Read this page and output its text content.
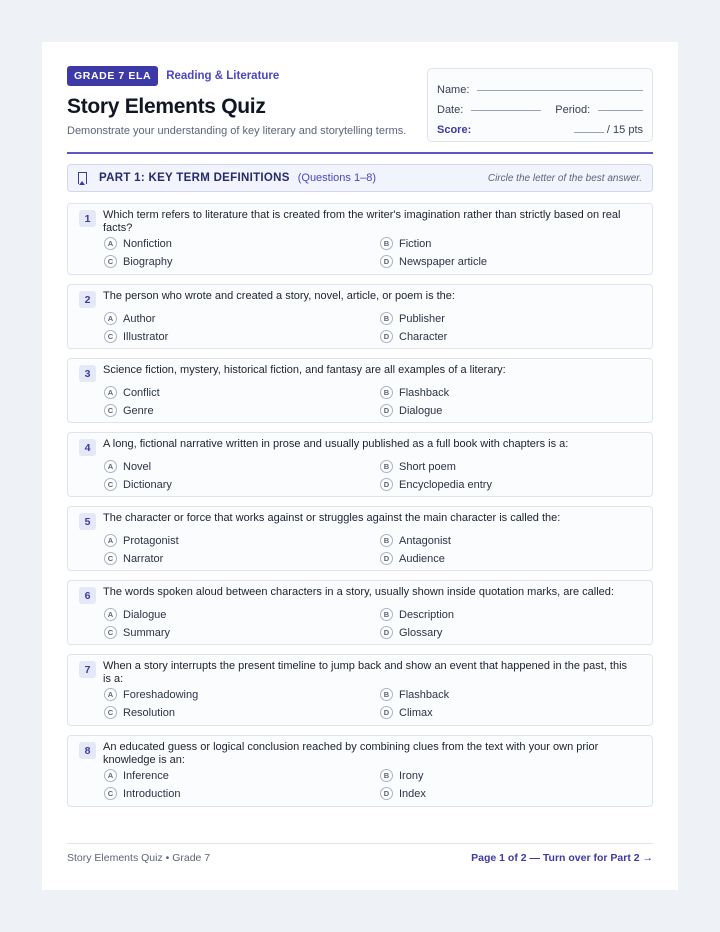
GRADE 7 ELA	Reading & Literature
Story Elements Quiz
Demonstrate your understanding of key literary and storytelling terms.
Name:
Date:	Period:
Score:	/ 15 pts
PART 1: KEY TERM DEFINITIONS (Questions 1–8)	Circle the letter of the best answer.
1	Which term refers to literature that is created from the writer's imagination rather than strictly based on real facts?
A Nonfiction	B Fiction
C Biography	D Newspaper article
2	The person who wrote and created a story, novel, article, or poem is the:
A Author	B Publisher
C Illustrator	D Character
3	Science fiction, mystery, historical fiction, and fantasy are all examples of a literary:
A Conflict	B Flashback
C Genre	D Dialogue
4	A long, fictional narrative written in prose and usually published as a full book with chapters is a:
A Novel	B Short poem
C Dictionary	D Encyclopedia entry
5	The character or force that works against or struggles against the main character is called the:
A Protagonist	B Antagonist
C Narrator	D Audience
6	The words spoken aloud between characters in a story, usually shown inside quotation marks, are called:
A Dialogue	B Description
C Summary	D Glossary
7	When a story interrupts the present timeline to jump back and show an event that happened in the past, this is a:
A Foreshadowing	B Flashback
C Resolution	D Climax
8	An educated guess or logical conclusion reached by combining clues from the text with your own prior knowledge is an:
A Inference	B Irony
C Introduction	D Index
Story Elements Quiz • Grade 7	Page 1 of 2 — Turn over for Part 2 →
